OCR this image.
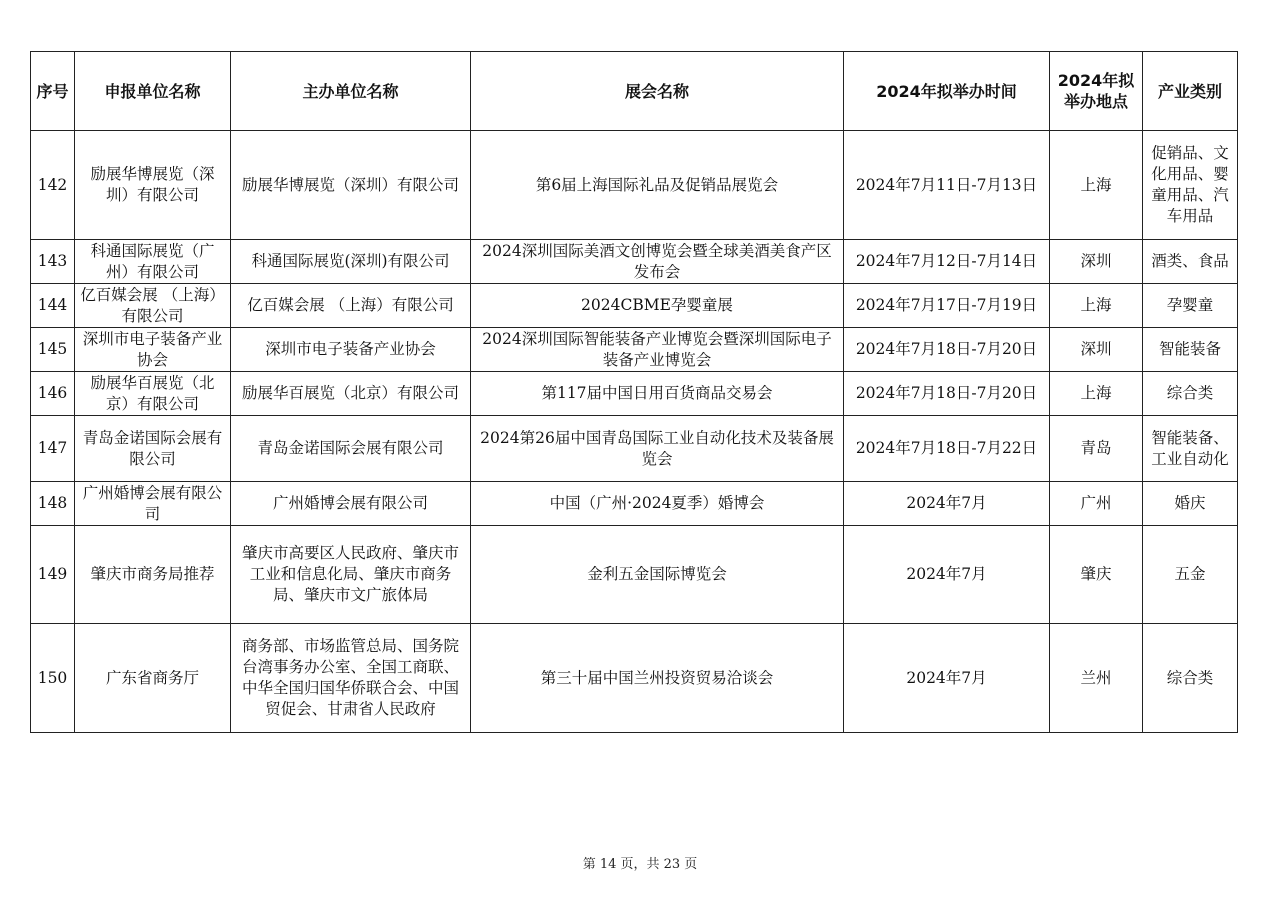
序号	申报单位名称	主办单位名称	展会名称	2024年拟举办时间	2024年拟举办地点	产业类别
142	励展华博展览（深圳）有限公司	励展华博展览（深圳）有限公司	第6届上海国际礼品及促销品展览会	2024年7月11日-7月13日	上海	促销品、文化用品、婴童用品、汽车用品
143	科通国际展览（广州）有限公司	科通国际展览(深圳)有限公司	2024深圳国际美酒文创博览会暨全球美酒美食产区发布会	2024年7月12日-7月14日	深圳	酒类、食品
144	亿百媒会展 （上海）有限公司	亿百媒会展 （上海）有限公司	2024CBME孕婴童展	2024年7月17日-7月19日	上海	孕婴童
145	深圳市电子装备产业协会	深圳市电子装备产业协会	2024深圳国际智能装备产业博览会暨深圳国际电子装备产业博览会	2024年7月18日-7月20日	深圳	智能装备
146	励展华百展览（北京）有限公司	励展华百展览（北京）有限公司	第117届中国日用百货商品交易会	2024年7月18日-7月20日	上海	综合类
147	青岛金诺国际会展有限公司	青岛金诺国际会展有限公司	2024第26届中国青岛国际工业自动化技术及装备展览会	2024年7月18日-7月22日	青岛	智能装备、工业自动化
148	广州婚博会展有限公司	广州婚博会展有限公司	中国（广州·2024夏季）婚博会	2024年7月	广州	婚庆
149	肇庆市商务局推荐	肇庆市高要区人民政府、肇庆市工业和信息化局、肇庆市商务局、肇庆市文广旅体局	金利五金国际博览会	2024年7月	肇庆	五金
150	广东省商务厅	商务部、市场监管总局、国务院台湾事务办公室、全国工商联、中华全国归国华侨联合会、中国贸促会、甘肃省人民政府	第三十届中国兰州投资贸易洽谈会	2024年7月	兰州	综合类
第 14 页，共 23 页
